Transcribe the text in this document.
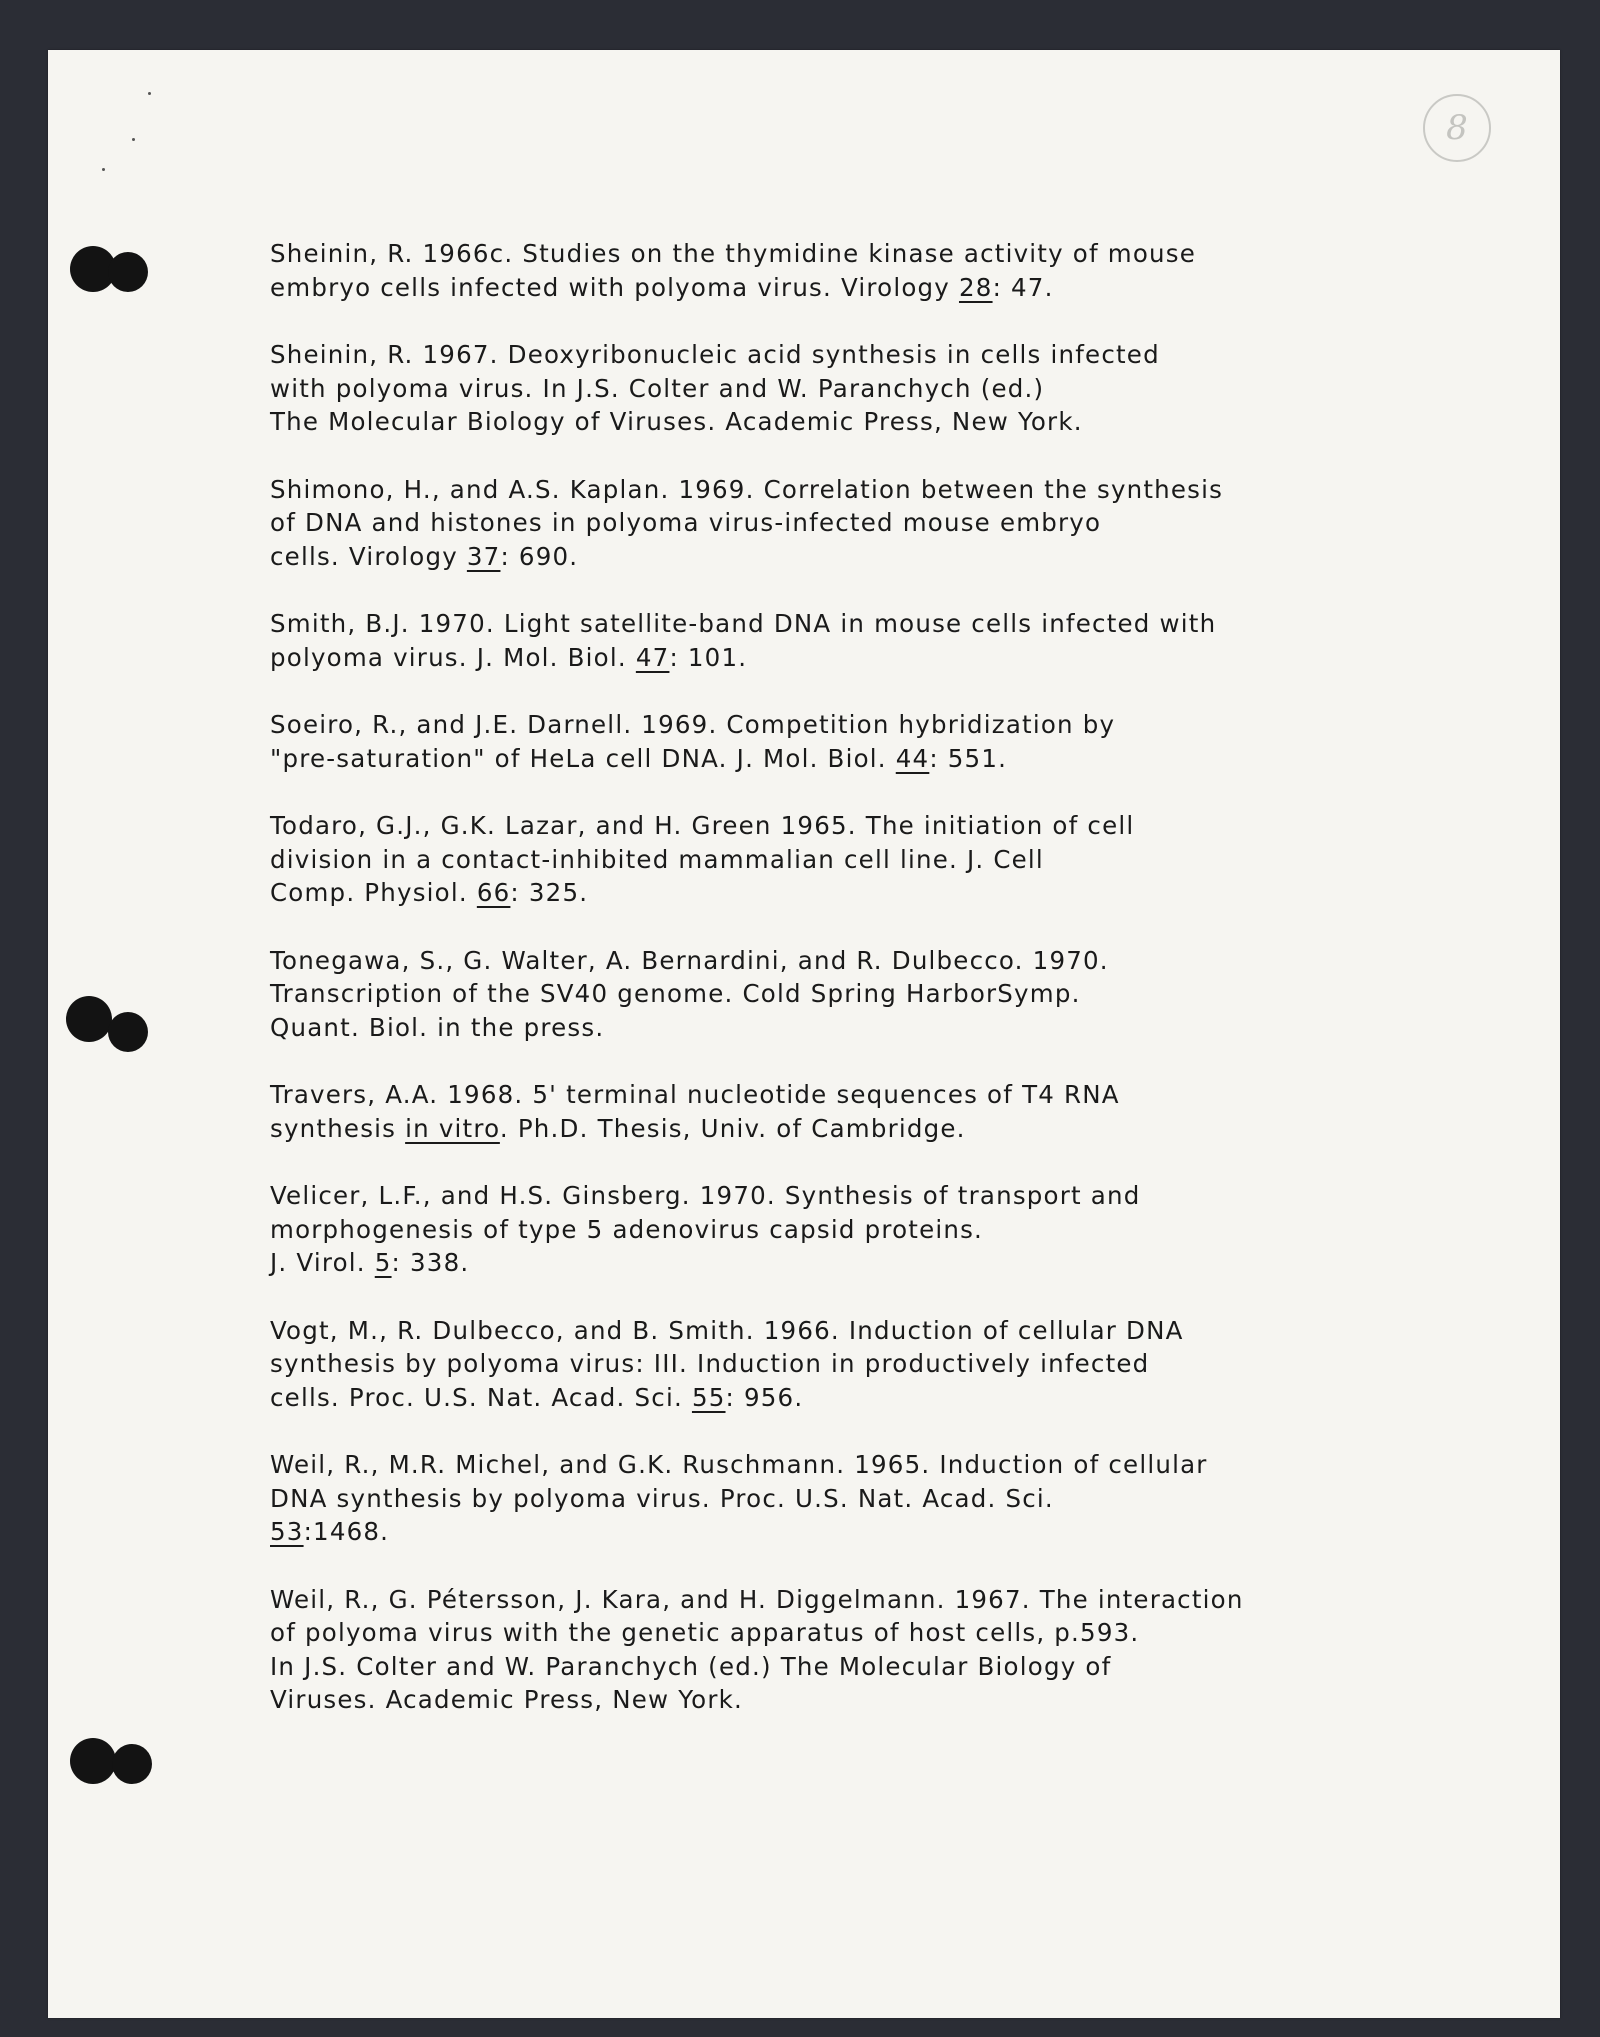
8
Sheinin, R. 1966c. Studies on the thymidine kinase activity of mouse
embryo cells infected with polyoma virus. Virology 28: 47.
Sheinin, R. 1967. Deoxyribonucleic acid synthesis in cells infected
with polyoma virus. In J.S. Colter and W. Paranchych (ed.)
The Molecular Biology of Viruses. Academic Press, New York.
Shimono, H., and A.S. Kaplan. 1969. Correlation between the synthesis
of DNA and histones in polyoma virus-infected mouse embryo
cells. Virology 37: 690.
Smith, B.J. 1970. Light satellite-band DNA in mouse cells infected with
polyoma virus. J. Mol. Biol. 47: 101.
Soeiro, R., and J.E. Darnell. 1969. Competition hybridization by
"pre-saturation" of HeLa cell DNA. J. Mol. Biol. 44: 551.
Todaro, G.J., G.K. Lazar, and H. Green 1965. The initiation of cell
division in a contact-inhibited mammalian cell line. J. Cell
Comp. Physiol. 66: 325.
Tonegawa, S., G. Walter, A. Bernardini, and R. Dulbecco. 1970.
Transcription of the SV40 genome. Cold Spring HarborSymp.
Quant. Biol. in the press.
Travers, A.A. 1968. 5' terminal nucleotide sequences of T4 RNA
synthesis in vitro. Ph.D. Thesis, Univ. of Cambridge.
Velicer, L.F., and H.S. Ginsberg. 1970. Synthesis of transport and
morphogenesis of type 5 adenovirus capsid proteins.
J. Virol. 5: 338.
Vogt, M., R. Dulbecco, and B. Smith. 1966. Induction of cellular DNA
synthesis by polyoma virus: III. Induction in productively infected
cells. Proc. U.S. Nat. Acad. Sci. 55: 956.
Weil, R., M.R. Michel, and G.K. Ruschmann. 1965. Induction of cellular
DNA synthesis by polyoma virus. Proc. U.S. Nat. Acad. Sci.
53:1468.
Weil, R., G. Pétersson, J. Kara, and H. Diggelmann. 1967. The interaction
of polyoma virus with the genetic apparatus of host cells, p.593.
In J.S. Colter and W. Paranchych (ed.) The Molecular Biology of
Viruses. Academic Press, New York.
